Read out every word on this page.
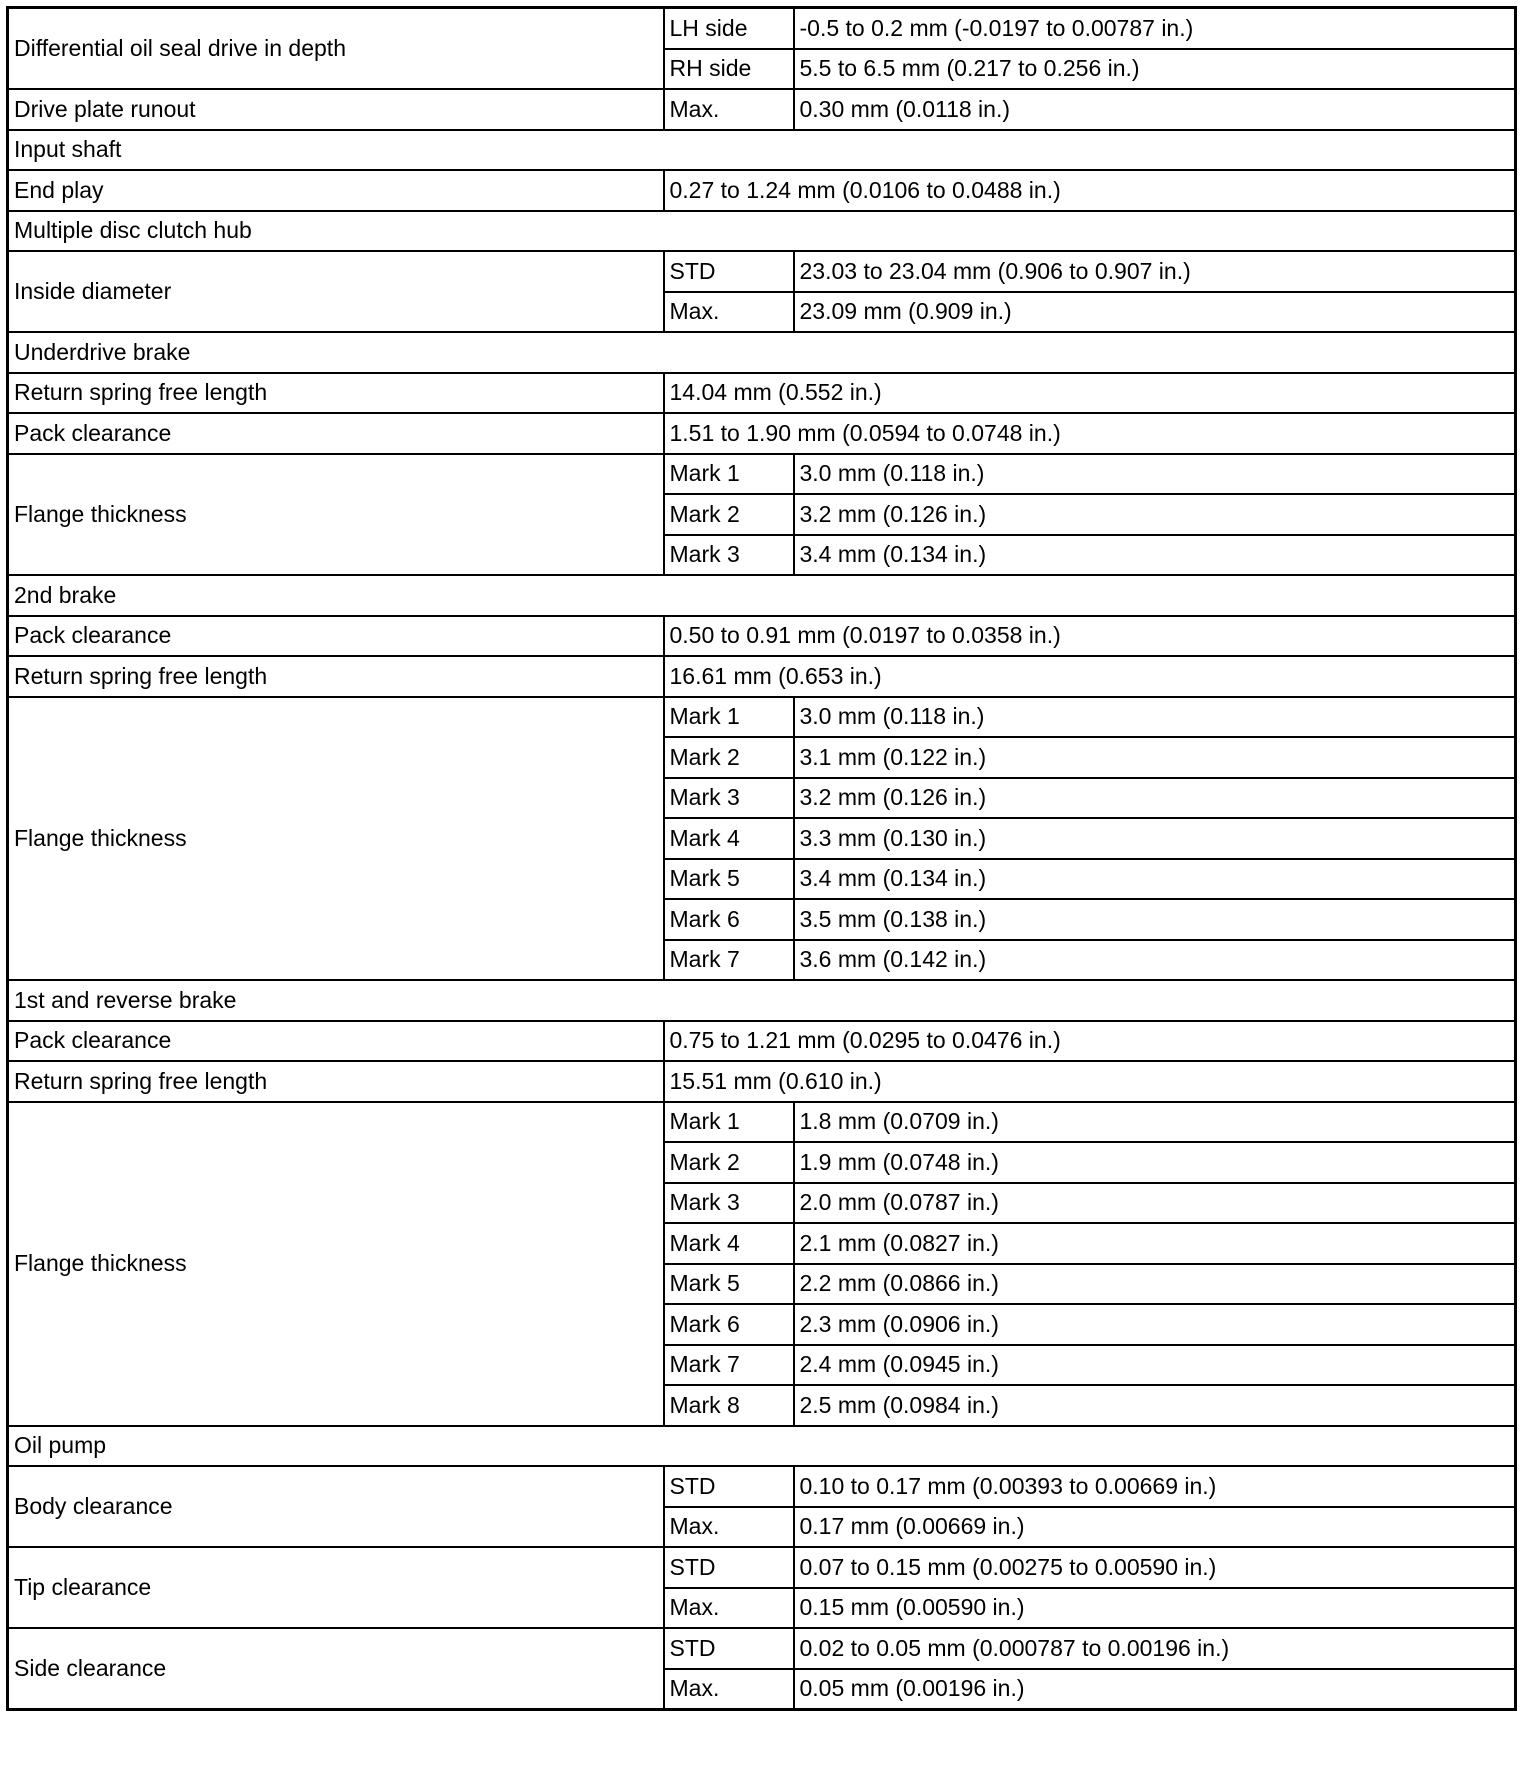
Differential oil seal drive in depth	LH side	-0.5 to 0.2 mm (-0.0197 to 0.00787 in.)
	RH side	5.5 to 6.5 mm (0.217 to 0.256 in.)
Drive plate runout	Max.	0.30 mm (0.0118 in.)
Input shaft		
End play	0.27 to 1.24 mm (0.0106 to 0.0488 in.)	
Multiple disc clutch hub		
Inside diameter	STD	23.03 to 23.04 mm (0.906 to 0.907 in.)
	Max.	23.09 mm (0.909 in.)
Underdrive brake		
Return spring free length	14.04 mm (0.552 in.)	
Pack clearance	1.51 to 1.90 mm (0.0594 to 0.0748 in.)	
Flange thickness	Mark 1	3.0 mm (0.118 in.)
	Mark 2	3.2 mm (0.126 in.)
	Mark 3	3.4 mm (0.134 in.)
2nd brake		
Pack clearance	0.50 to 0.91 mm (0.0197 to 0.0358 in.)	
Return spring free length	16.61 mm (0.653 in.)	
Flange thickness	Mark 1	3.0 mm (0.118 in.)
	Mark 2	3.1 mm (0.122 in.)
	Mark 3	3.2 mm (0.126 in.)
	Mark 4	3.3 mm (0.130 in.)
	Mark 5	3.4 mm (0.134 in.)
	Mark 6	3.5 mm (0.138 in.)
	Mark 7	3.6 mm (0.142 in.)
1st and reverse brake		
Pack clearance	0.75 to 1.21 mm (0.0295 to 0.0476 in.)	
Return spring free length	15.51 mm (0.610 in.)	
Flange thickness	Mark 1	1.8 mm (0.0709 in.)
	Mark 2	1.9 mm (0.0748 in.)
	Mark 3	2.0 mm (0.0787 in.)
	Mark 4	2.1 mm (0.0827 in.)
	Mark 5	2.2 mm (0.0866 in.)
	Mark 6	2.3 mm (0.0906 in.)
	Mark 7	2.4 mm (0.0945 in.)
	Mark 8	2.5 mm (0.0984 in.)
Oil pump		
Body clearance	STD	0.10 to 0.17 mm (0.00393 to 0.00669 in.)
	Max.	0.17 mm (0.00669 in.)
Tip clearance	STD	0.07 to 0.15 mm (0.00275 to 0.00590 in.)
	Max.	0.15 mm (0.00590 in.)
Side clearance	STD	0.02 to 0.05 mm (0.000787 to 0.00196 in.)
	Max.	0.05 mm (0.00196 in.)
